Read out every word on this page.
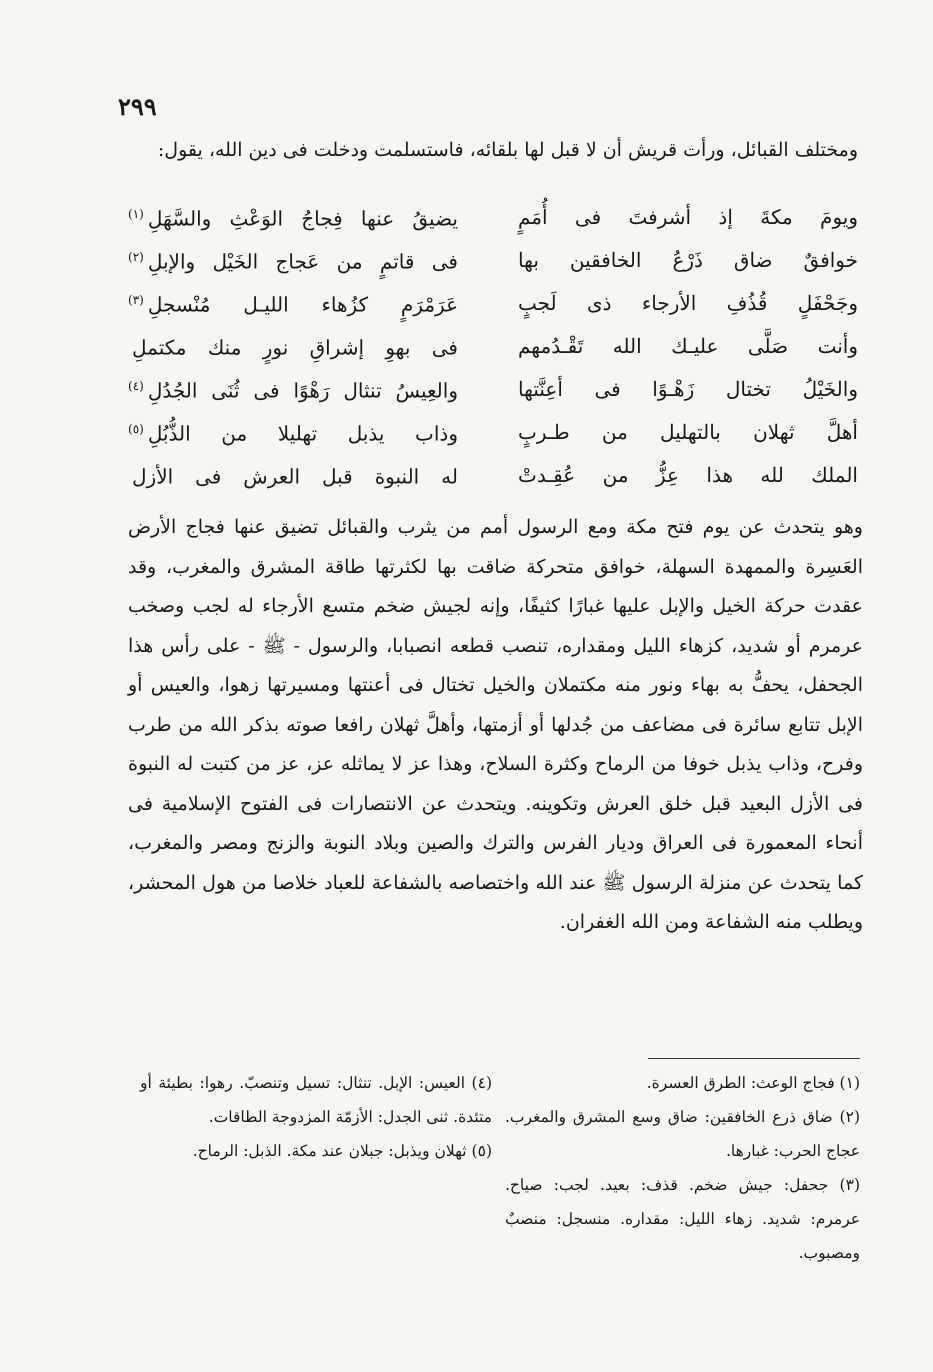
٢٩٩
ومختلف القبائل، ورأت قريش أن لا قبل لها بلقائه، فاستسلمت ودخلت فى دين الله، يقول:
ويومَ مكةَ إذ أشرفتَ فى أُمَمٍ
يضيقُ عنها فِجاجُ الوَعْثِ والسَّهَلِ$^{(١)}$
خوافقٌ ضاق ذَرْعُ الخافقين بها
فى قاتمٍ من عَجاج الخَيْل والإبلِ$^{(٢)}$
وجَحْفَلٍ قُذُفِ الأرجاء ذى لَجبٍ
عَرَمْرَمٍ كزُهاء الليـل مُنْسجلِ$^{(٣)}$
وأنت صَلَّى عليـك الله تَقْـدُمهم
فى بهوِ إشراقِ نورٍ منك مكتملِ
والخَيْلُ تختال زَهْـوًا فى أعِنَّتها
والعِيسُ تنثال رَهْوًا فى ثُنَى الجُدُلِ$^{(٤)}$
أهلَّ ثهلان بالتهليل من طـربٍ
وذاب يذبل تهليلا من الذُّبُلِ$^{(٥)}$
الملك لله هذا عِزُّ من عُقِـدتْ
له النبوة قبل العرش فى الأزل

وهو يتحدث عن يوم فتح مكة ومع الرسول أمم من يثرب والقبائل تضيق عنها فجاج الأرض العَسِرة والممهدة السهلة، خوافق متحركة ضاقت بها لكثرتها طاقة المشرق والمغرب، وقد عقدت حركة الخيل والإبل عليها غبارًا كثيفًا، وإنه لجيش ضخم متسع الأرجاء له لجب وصخب عرمرم أو شديد، كزهاء الليل ومقداره، تنصب قطعه انصبابا، والرسول - ﷺ - على رأس هذا الجحفل، يحفُّ به بهاء ونور منه مكتملان والخيل تختال فى أعنتها ومسيرتها زهوا، والعيس أو الإبل تتابع سائرة فى مضاعف من جُدلها أو أزمتها، وأهلَّ ثهلان رافعا صوته بذكر الله من طرب وفرح، وذاب يذبل خوفا من الرماح وكثرة السلاح، وهذا عز لا يماثله عز، عز من كتبت له النبوة فى الأزل البعيد قبل خلق العرش وتكوينه. ويتحدث عن الانتصارات فى الفتوح الإسلامية فى أنحاء المعمورة فى العراق وديار الفرس والترك والصين وبلاد النوبة والزنج ومصر والمغرب، كما يتحدث عن منزلة الرسول ﷺ عند الله واختصاصه بالشفاعة للعباد خلاصا من هول المحشر، ويطلب منه الشفاعة ومن الله الغفران.

(١) فجاج الوعث: الطرق العسرة.

(٢) ضاق ذرع الخافقين: ضاق وسع المشرق والمغرب. عجاج الحرب: غبارها.

(٣) جحفل: جيش ضخم. قذف: بعيد. لجب: صياح. عرمرم: شديد. زهاء الليل: مقداره. منسجل: منصبٌ ومصبوب.

(٤) العيس: الإبل. تنثال: تسيل وتنصبّ. رهوا: بطيئة أو متئدة. ثنى الجدل: الأزمّة المزدوجة الطاقات.

(٥) ثهلان ويذبل: جبلان عند مكة. الذبل: الرماح.
